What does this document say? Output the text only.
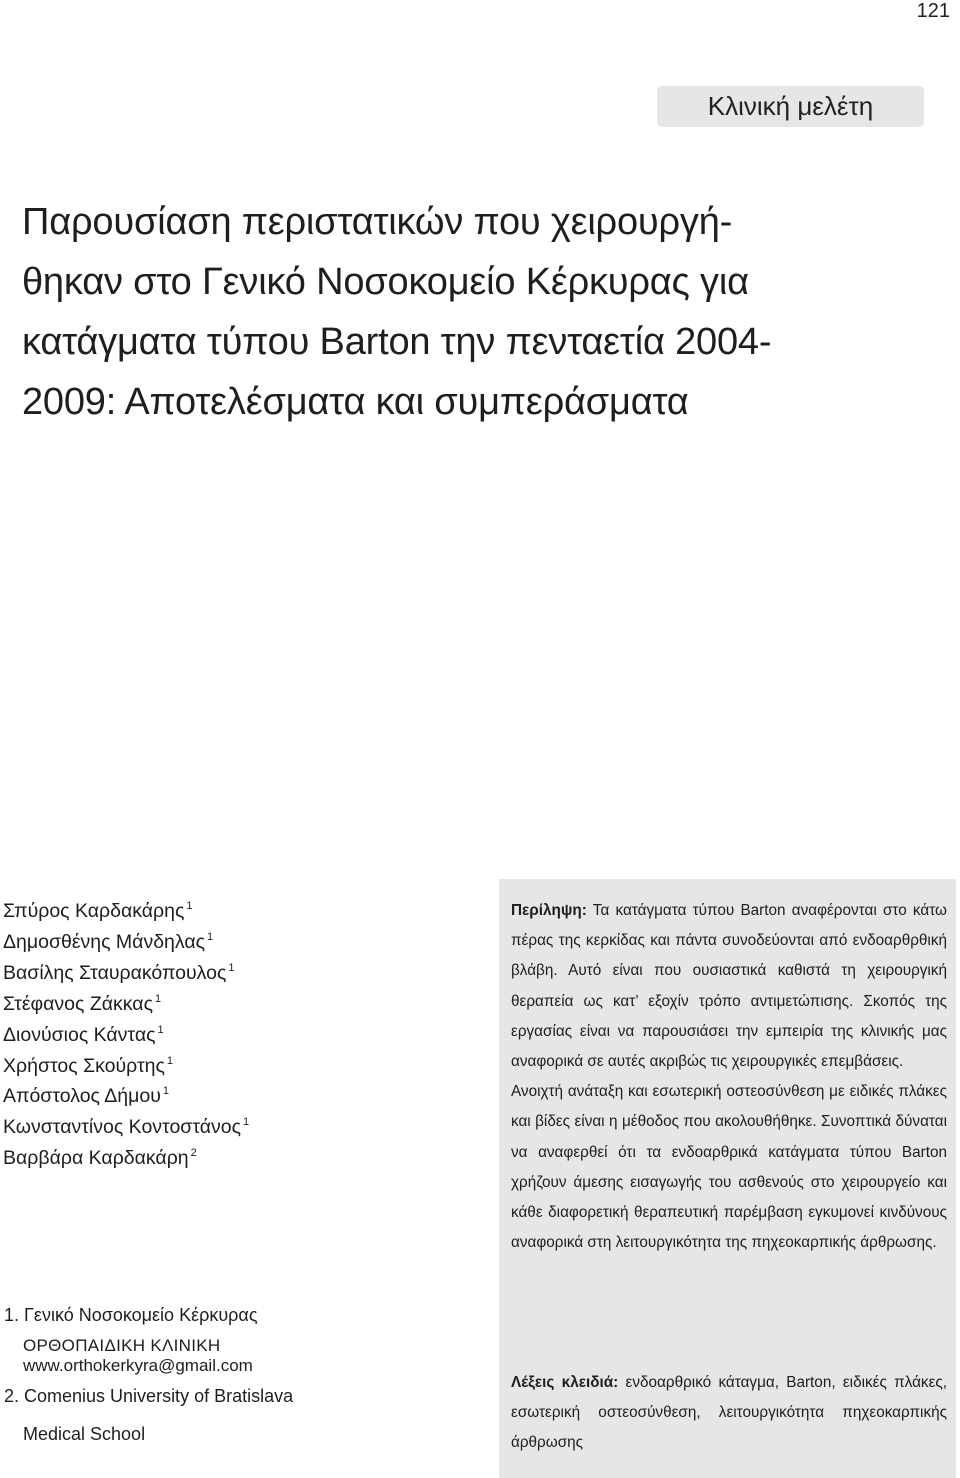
121
Κλινική μελέτη
Παρουσίαση περιστατικών που χειρουργή-
θηκαν στο Γενικό Νοσοκομείο Κέρκυρας για
κατάγματα τύπου Barton την πενταετία 2004-
2009: Αποτελέσματα και συμπεράσματα
Σπύρος Καρδακάρης $^1$
Δημοσθένης Μάνδηλας $^1$
Βασίλης Σταυρακόπουλος $^1$
Στέφανος Ζάκκας $^1$
Διονύσιος Κάντας $^1$
Χρήστος Σκούρτης $^1$
Απόστολος Δήμου $^1$
Κωνσταντίνος Κοντοστάνος $^1$
Βαρβάρα Καρδακάρη $^2$
1. Γενικό Νοσοκομείο Κέρκυρας
ΟΡΘΟΠΑΙΔΙΚΗ ΚΛΙΝΙΚΗ
www.orthokerkyra@gmail.com
2. Comenius University of Bratislava
Medical School

Περίληψη: Τα κατάγματα τύπου Barton αναφέρονται στο κάτω πέρας της κερκίδας και πάντα συνοδεύονται από ενδοαρθρθική βλάβη. Αυτό είναι που ουσιαστικά καθιστά τη χειρουργική θεραπεία ως κατ’ εξοχίν τρόπο αντιμετώπισης. Σκοπός της εργασίας είναι να παρουσιάσει την εμπειρία της κλινικής μας αναφορικά σε αυτές ακριβώς τις χειρουργικές επεμβάσεις.
Ανοιχτή ανάταξη και εσωτερική οστεοσύνθεση με ειδικές πλάκες και βίδες είναι η μέθοδος που ακολουθήθηκε. Συνοπτικά δύναται να αναφερθεί ότι τα ενδοαρθρικά κατάγματα τύπου Barton χρήζουν άμεσης εισαγωγής του ασθενούς στο χειρουργείο και κάθε διαφορετική θεραπευτική παρέμβαση εγκυμονεί κινδύνους αναφορικά στη λειτουργικότητα της πηχεοκαρπικής άρθρωσης.

Λέξεις κλειδιά: ενδοαρθρικό κάταγμα, Barton, ειδικές πλάκες, εσωτερική οστεοσύνθεση, λειτουργικότητα πηχεοκαρπικής άρθρωσης
